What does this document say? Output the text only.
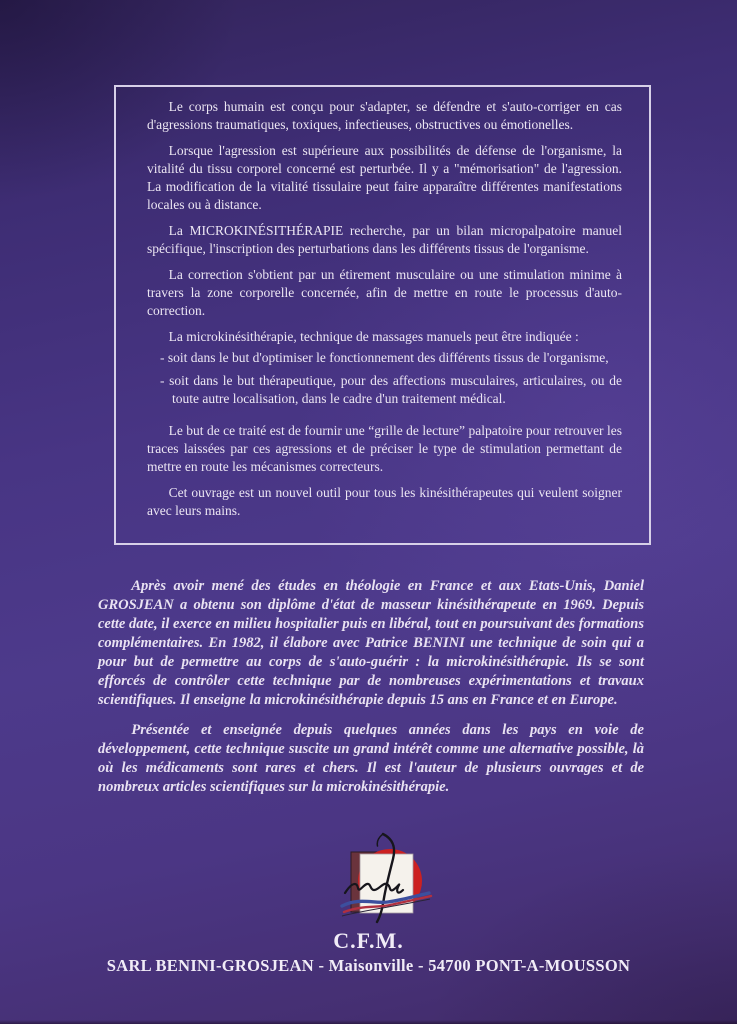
Le corps humain est conçu pour s'adapter, se défendre et s'auto-corriger en cas d'agressions traumatiques, toxiques, infectieuses, obstructives ou émotionelles.

Lorsque l'agression est supérieure aux possibilités de défense de l'organisme, la vitalité du tissu corporel concerné est perturbée. Il y a "mémorisation" de l'agression. La modification de la vitalité tissulaire peut faire apparaître différentes manifestations locales ou à distance.

La MICROKINÉSITHÉRAPIE recherche, par un bilan micropalpatoire manuel spécifique, l'inscription des perturbations dans les différents tissus de l'organisme.

La correction s'obtient par un étirement musculaire ou une stimulation minime à travers la zone corporelle concernée, afin de mettre en route le processus d'auto-correction.

La microkinésithérapie, technique de massages manuels peut être indiquée :

- soit dans le but d'optimiser le fonctionnement des différents tissus de l'organisme,
- soit dans le but thérapeutique, pour des affections musculaires, articulaires, ou de toute autre localisation, dans le cadre d'un traitement médical.

Le but de ce traité est de fournir une “grille de lecture” palpatoire pour retrouver les traces laissées par ces agressions et de préciser le type de stimulation permettant de mettre en route les mécanismes correcteurs.

Cet ouvrage est un nouvel outil pour tous les kinésithérapeutes qui veulent soigner avec leurs mains.

Après avoir mené des études en théologie en France et aux Etats-Unis, Daniel GROSJEAN a obtenu son diplôme d'état de masseur kinésithérapeute en 1969. Depuis cette date, il exerce en milieu hospitalier puis en libéral, tout en poursuivant des formations complémentaires. En 1982, il élabore avec Patrice BENINI une technique de soin qui a pour but de permettre au corps de s'auto-guérir : la microkinésithérapie. Ils se sont efforcés de contrôler cette technique par de nombreuses expérimentations et travaux scientifiques. Il enseigne la microkinésithérapie depuis 15 ans en France et en Europe.

Présentée et enseignée depuis quelques années dans les pays en voie de développement, cette technique suscite un grand intérêt comme une alternative possible, là où les médicaments sont rares et chers. Il est l'auteur de plusieurs ouvrages et de nombreux articles scientifiques sur la microkinésithérapie.

C.F.M.
SARL BENINI-GROSJEAN - Maisonville - 54700 PONT-A-MOUSSON
